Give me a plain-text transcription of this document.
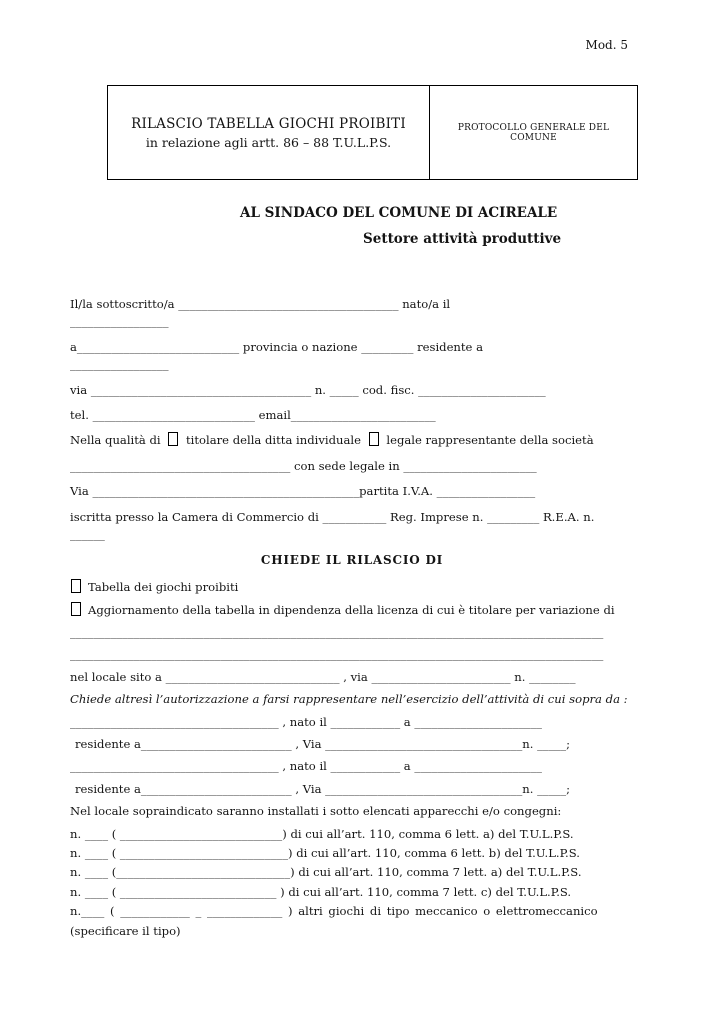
Mod. 5
RILASCIO TABELLA GIOCHI PROIBITI
in relazione agli artt. 86 – 88 T.U.L.P.S.
PROTOCOLLO GENERALE DEL COMUNE
AL SINDACO DEL COMUNE DI ACIREALE
Settore attività produttive

Il/la sottoscritto/a ______________________________________ nato/a il
_________________

a____________________________ provincia o nazione _________ residente a
_________________

via ______________________________________ n. _____ cod. fisc. ______________________

tel. ____________________________ email_________________________

Nella qualità di titolare della ditta individuale legale rappresentante della società

______________________________________ con sede legale in _______________________

Via ______________________________________________partita I.V.A. _________________

iscritta presso la Camera di Commercio di ___________ Reg. Imprese n. _________ R.E.A. n.
______

CHIEDE IL RILASCIO DI

Tabella dei giochi proibiti

Aggiornamento della tabella in dipendenza della licenza di cui è titolare per variazione di

____________________________________________________________________________________________

____________________________________________________________________________________________

nel locale sito a ______________________________ , via ________________________ n. ________

Chiede altresì l’autorizzazione a farsi rappresentare nell’esercizio dell’attività di cui sopra da :

____________________________________ , nato il ____________ a ______________________

residente a__________________________ , Via __________________________________n. _____;

____________________________________ , nato il ____________ a ______________________

residente a__________________________ , Via __________________________________n. _____;

Nel locale sopraindicato saranno installati i sotto elencati apparecchi e/o congegni:

n. ____ ( ____________________________) di cui all’art. 110, comma 6 lett. a) del T.U.L.P.S.

n. ____ ( _____________________________) di cui all’art. 110, comma 6 lett. b) del T.U.L.P.S.

n. ____ (______________________________) di cui all’art. 110, comma 7 lett. a) del T.U.L.P.S.

n. ____ ( ___________________________ ) di cui all’art. 110, comma 7 lett. c) del T.U.L.P.S.

n.____ ( ____________ _ _____________ ) altri giochi di tipo meccanico o elettromeccanico

(specificare il tipo)
